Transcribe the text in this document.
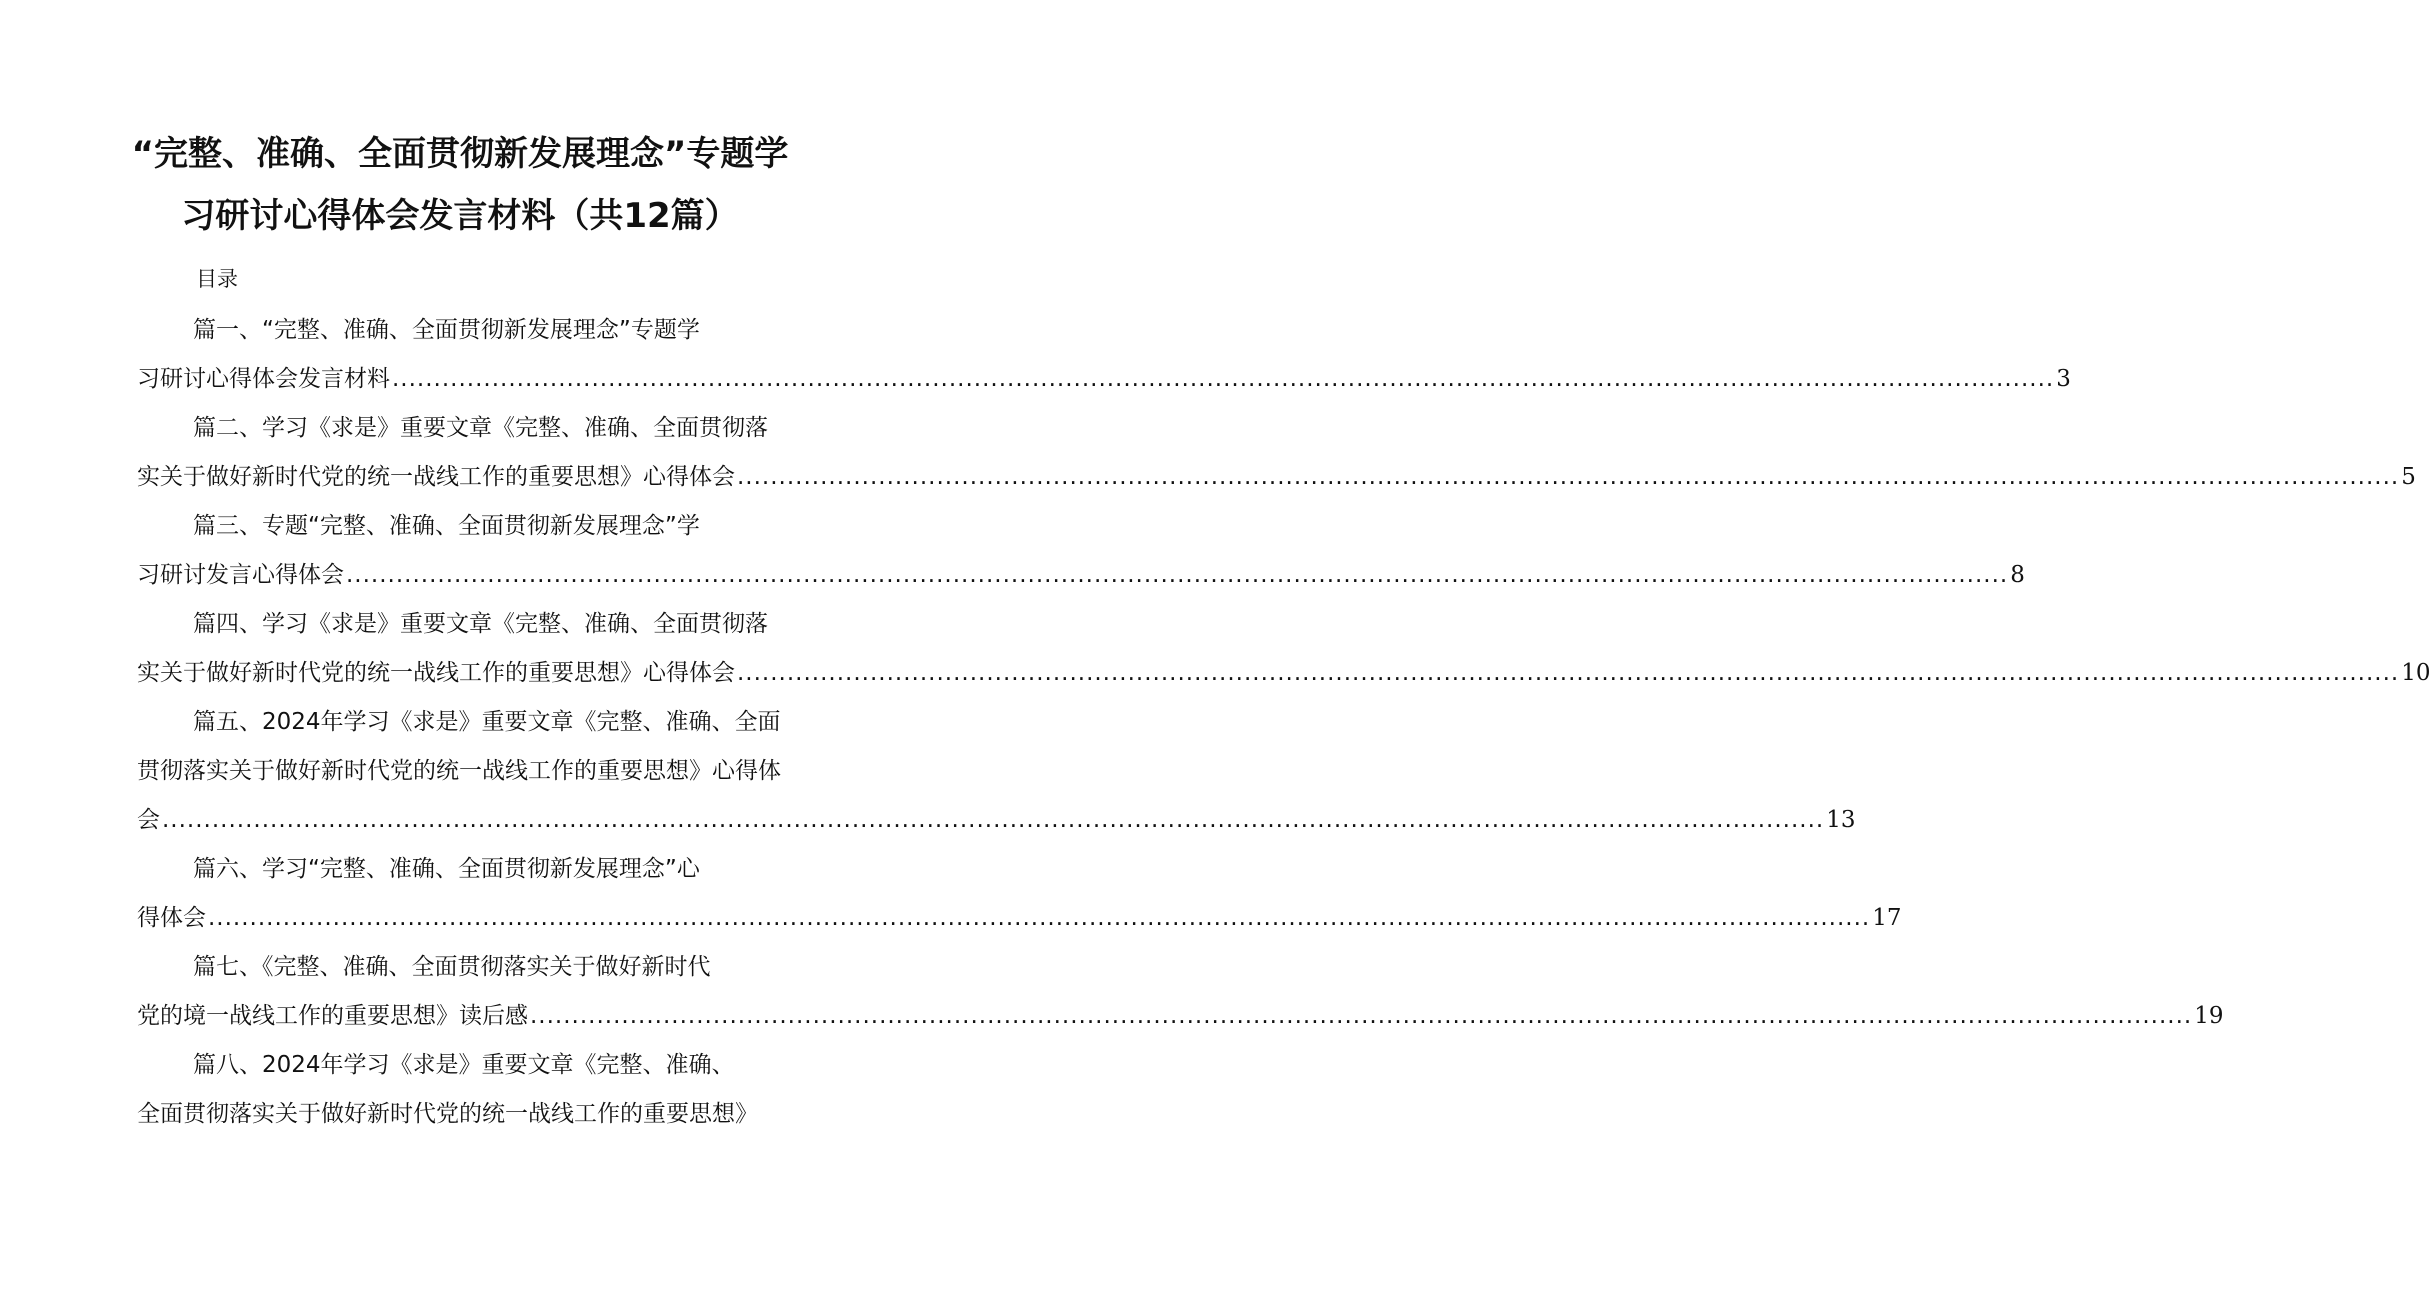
“完整、准确、全面贯彻新发展理念”专题学
习研讨心得体会发言材料（共12篇）
目录
篇一、“完整、准确、全面贯彻新发展理念”专题学
习研讨心得体会发言材料 ........................................................................................................................................................................................................ 3
篇二、学习《求是》重要文章《完整、准确、全面贯彻落
实关于做好新时代党的统一战线工作的重要思想》心得体会 ........................................................................................................................................................................................................ 5
篇三、专题“完整、准确、全面贯彻新发展理念”学
习研讨发言心得体会 ........................................................................................................................................................................................................ 8
篇四、学习《求是》重要文章《完整、准确、全面贯彻落
实关于做好新时代党的统一战线工作的重要思想》心得体会 ........................................................................................................................................................................................................ 10
篇五、2024年学习《求是》重要文章《完整、准确、全面
贯彻落实关于做好新时代党的统一战线工作的重要思想》心得体
会 ........................................................................................................................................................................................................ 13
篇六、学习“完整、准确、全面贯彻新发展理念”心
得体会 ........................................................................................................................................................................................................ 17
篇七、《完整、准确、全面贯彻落实关于做好新时代
党的境一战线工作的重要思想》读后感 ........................................................................................................................................................................................................ 19
篇八、2024年学习《求是》重要文章《完整、准确、
全面贯彻落实关于做好新时代党的统一战线工作的重要思想》
